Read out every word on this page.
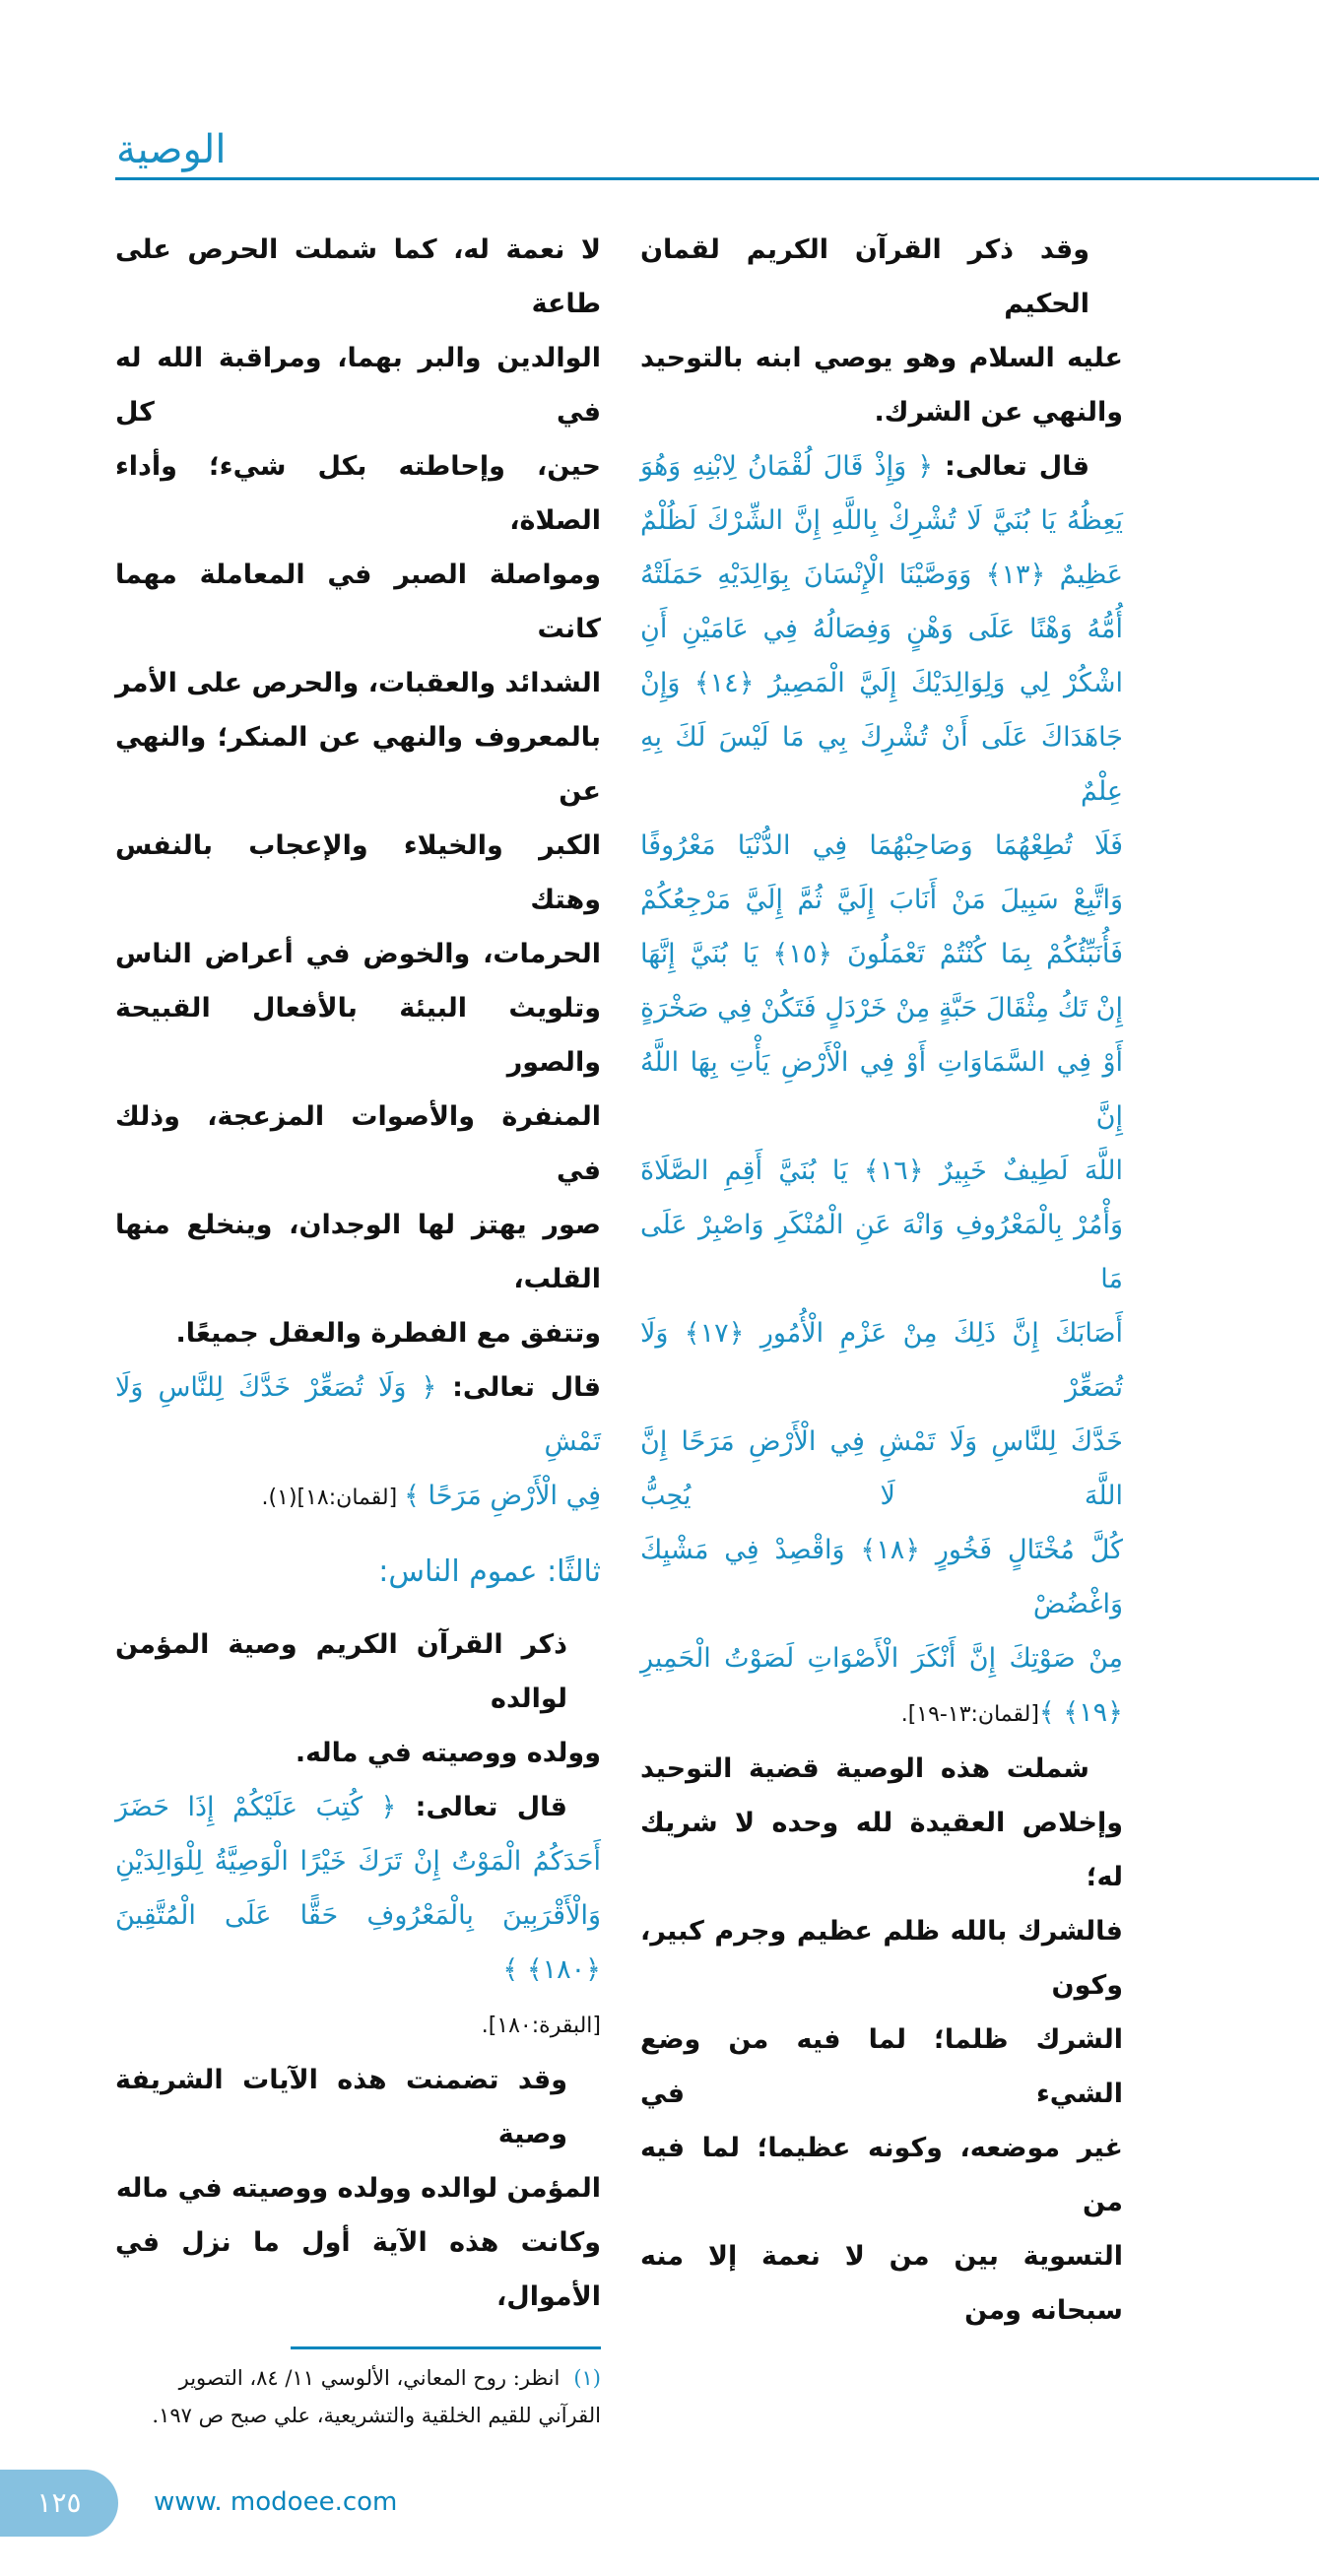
الوصية
لا نعمة له، كما شملت الحرص على طاعة
الوالدين والبر بهما، ومراقبة الله له في كل
حين، وإحاطته بكل شيء؛ وأداء الصلاة،
ومواصلة الصبر في المعاملة مهما كانت
الشدائد والعقبات، والحرص على الأمر
بالمعروف والنهي عن المنكر؛ والنهي عن
الكبر والخيلاء والإعجاب بالنفس وهتك
الحرمات، والخوض في أعراض الناس
وتلويث البيئة بالأفعال القبيحة والصور
المنفرة والأصوات المزعجة، وذلك في
صور يهتز لها الوجدان، وينخلع منها القلب،
وتتفق مع الفطرة والعقل جميعًا.
قال تعالى: ﴿ وَلَا تُصَعِّرْ خَدَّكَ لِلنَّاسِ وَلَا تَمْشِ
فِي الْأَرْضِ مَرَحًا ﴾ [لقمان:١٨](١).
ثالثًا: عموم الناس:
ذكر القرآن الكريم وصية المؤمن لوالده
وولده ووصيته في ماله.
قال تعالى: ﴿ كُتِبَ عَلَيْكُمْ إِذَا حَضَرَ
أَحَدَكُمُ الْمَوْتُ إِنْ تَرَكَ خَيْرًا الْوَصِيَّةُ لِلْوَالِدَيْنِ
وَالْأَقْرَبِينَ بِالْمَعْرُوفِ حَقًّا عَلَى الْمُتَّقِينَ ﴿١٨٠﴾ ﴾
[البقرة:١٨٠].
وقد تضمنت هذه الآيات الشريفة وصية
المؤمن لوالده وولده ووصيته في ماله
وكانت هذه الآية أول ما نزل في الأموال،
(١)انظر: روح المعاني، الألوسي ١١/ ٨٤، التصوير القرآني للقيم الخلقية والتشريعية، علي صبح ص ١٩٧.
وقد ذكر القرآن الكريم لقمان الحكيم
عليه السلام وهو يوصي ابنه بالتوحيد
والنهي عن الشرك.
قال تعالى: ﴿ وَإِذْ قَالَ لُقْمَانُ لِابْنِهِ وَهُوَ
يَعِظُهُ يَا بُنَيَّ لَا تُشْرِكْ بِاللَّهِ إِنَّ الشِّرْكَ لَظُلْمٌ
عَظِيمٌ ﴿١٣﴾ وَوَصَّيْنَا الْإِنْسَانَ بِوَالِدَيْهِ حَمَلَتْهُ
أُمُّهُ وَهْنًا عَلَى وَهْنٍ وَفِصَالُهُ فِي عَامَيْنِ أَنِ
اشْكُرْ لِي وَلِوَالِدَيْكَ إِلَيَّ الْمَصِيرُ ﴿١٤﴾ وَإِنْ
جَاهَدَاكَ عَلَى أَنْ تُشْرِكَ بِي مَا لَيْسَ لَكَ بِهِ عِلْمٌ
فَلَا تُطِعْهُمَا وَصَاحِبْهُمَا فِي الدُّنْيَا مَعْرُوفًا
وَاتَّبِعْ سَبِيلَ مَنْ أَنَابَ إِلَيَّ ثُمَّ إِلَيَّ مَرْجِعُكُمْ
فَأُنَبِّئُكُمْ بِمَا كُنْتُمْ تَعْمَلُونَ ﴿١٥﴾ يَا بُنَيَّ إِنَّهَا
إِنْ تَكُ مِثْقَالَ حَبَّةٍ مِنْ خَرْدَلٍ فَتَكُنْ فِي صَخْرَةٍ
أَوْ فِي السَّمَاوَاتِ أَوْ فِي الْأَرْضِ يَأْتِ بِهَا اللَّهُ إِنَّ
اللَّهَ لَطِيفٌ خَبِيرٌ ﴿١٦﴾ يَا بُنَيَّ أَقِمِ الصَّلَاةَ
وَأْمُرْ بِالْمَعْرُوفِ وَانْهَ عَنِ الْمُنْكَرِ وَاصْبِرْ عَلَى مَا
أَصَابَكَ إِنَّ ذَلِكَ مِنْ عَزْمِ الْأُمُورِ ﴿١٧﴾ وَلَا تُصَعِّرْ
خَدَّكَ لِلنَّاسِ وَلَا تَمْشِ فِي الْأَرْضِ مَرَحًا إِنَّ اللَّهَ لَا يُحِبُّ
كُلَّ مُخْتَالٍ فَخُورٍ ﴿١٨﴾ وَاقْصِدْ فِي مَشْيِكَ وَاغْضُضْ
مِنْ صَوْتِكَ إِنَّ أَنْكَرَ الْأَصْوَاتِ لَصَوْتُ الْحَمِيرِ
﴿١٩﴾ ﴾[لقمان:١٣-١٩].
شملت هذه الوصية قضية التوحيد
وإخلاص العقيدة لله وحده لا شريك له؛
فالشرك بالله ظلم عظيم وجرم كبير، وكون
الشرك ظلما؛ لما فيه من وضع الشيء في
غير موضعه، وكونه عظيما؛ لما فيه من
التسوية بين من لا نعمة إلا منه سبحانه ومن
١٢٥	www. modoee.com
